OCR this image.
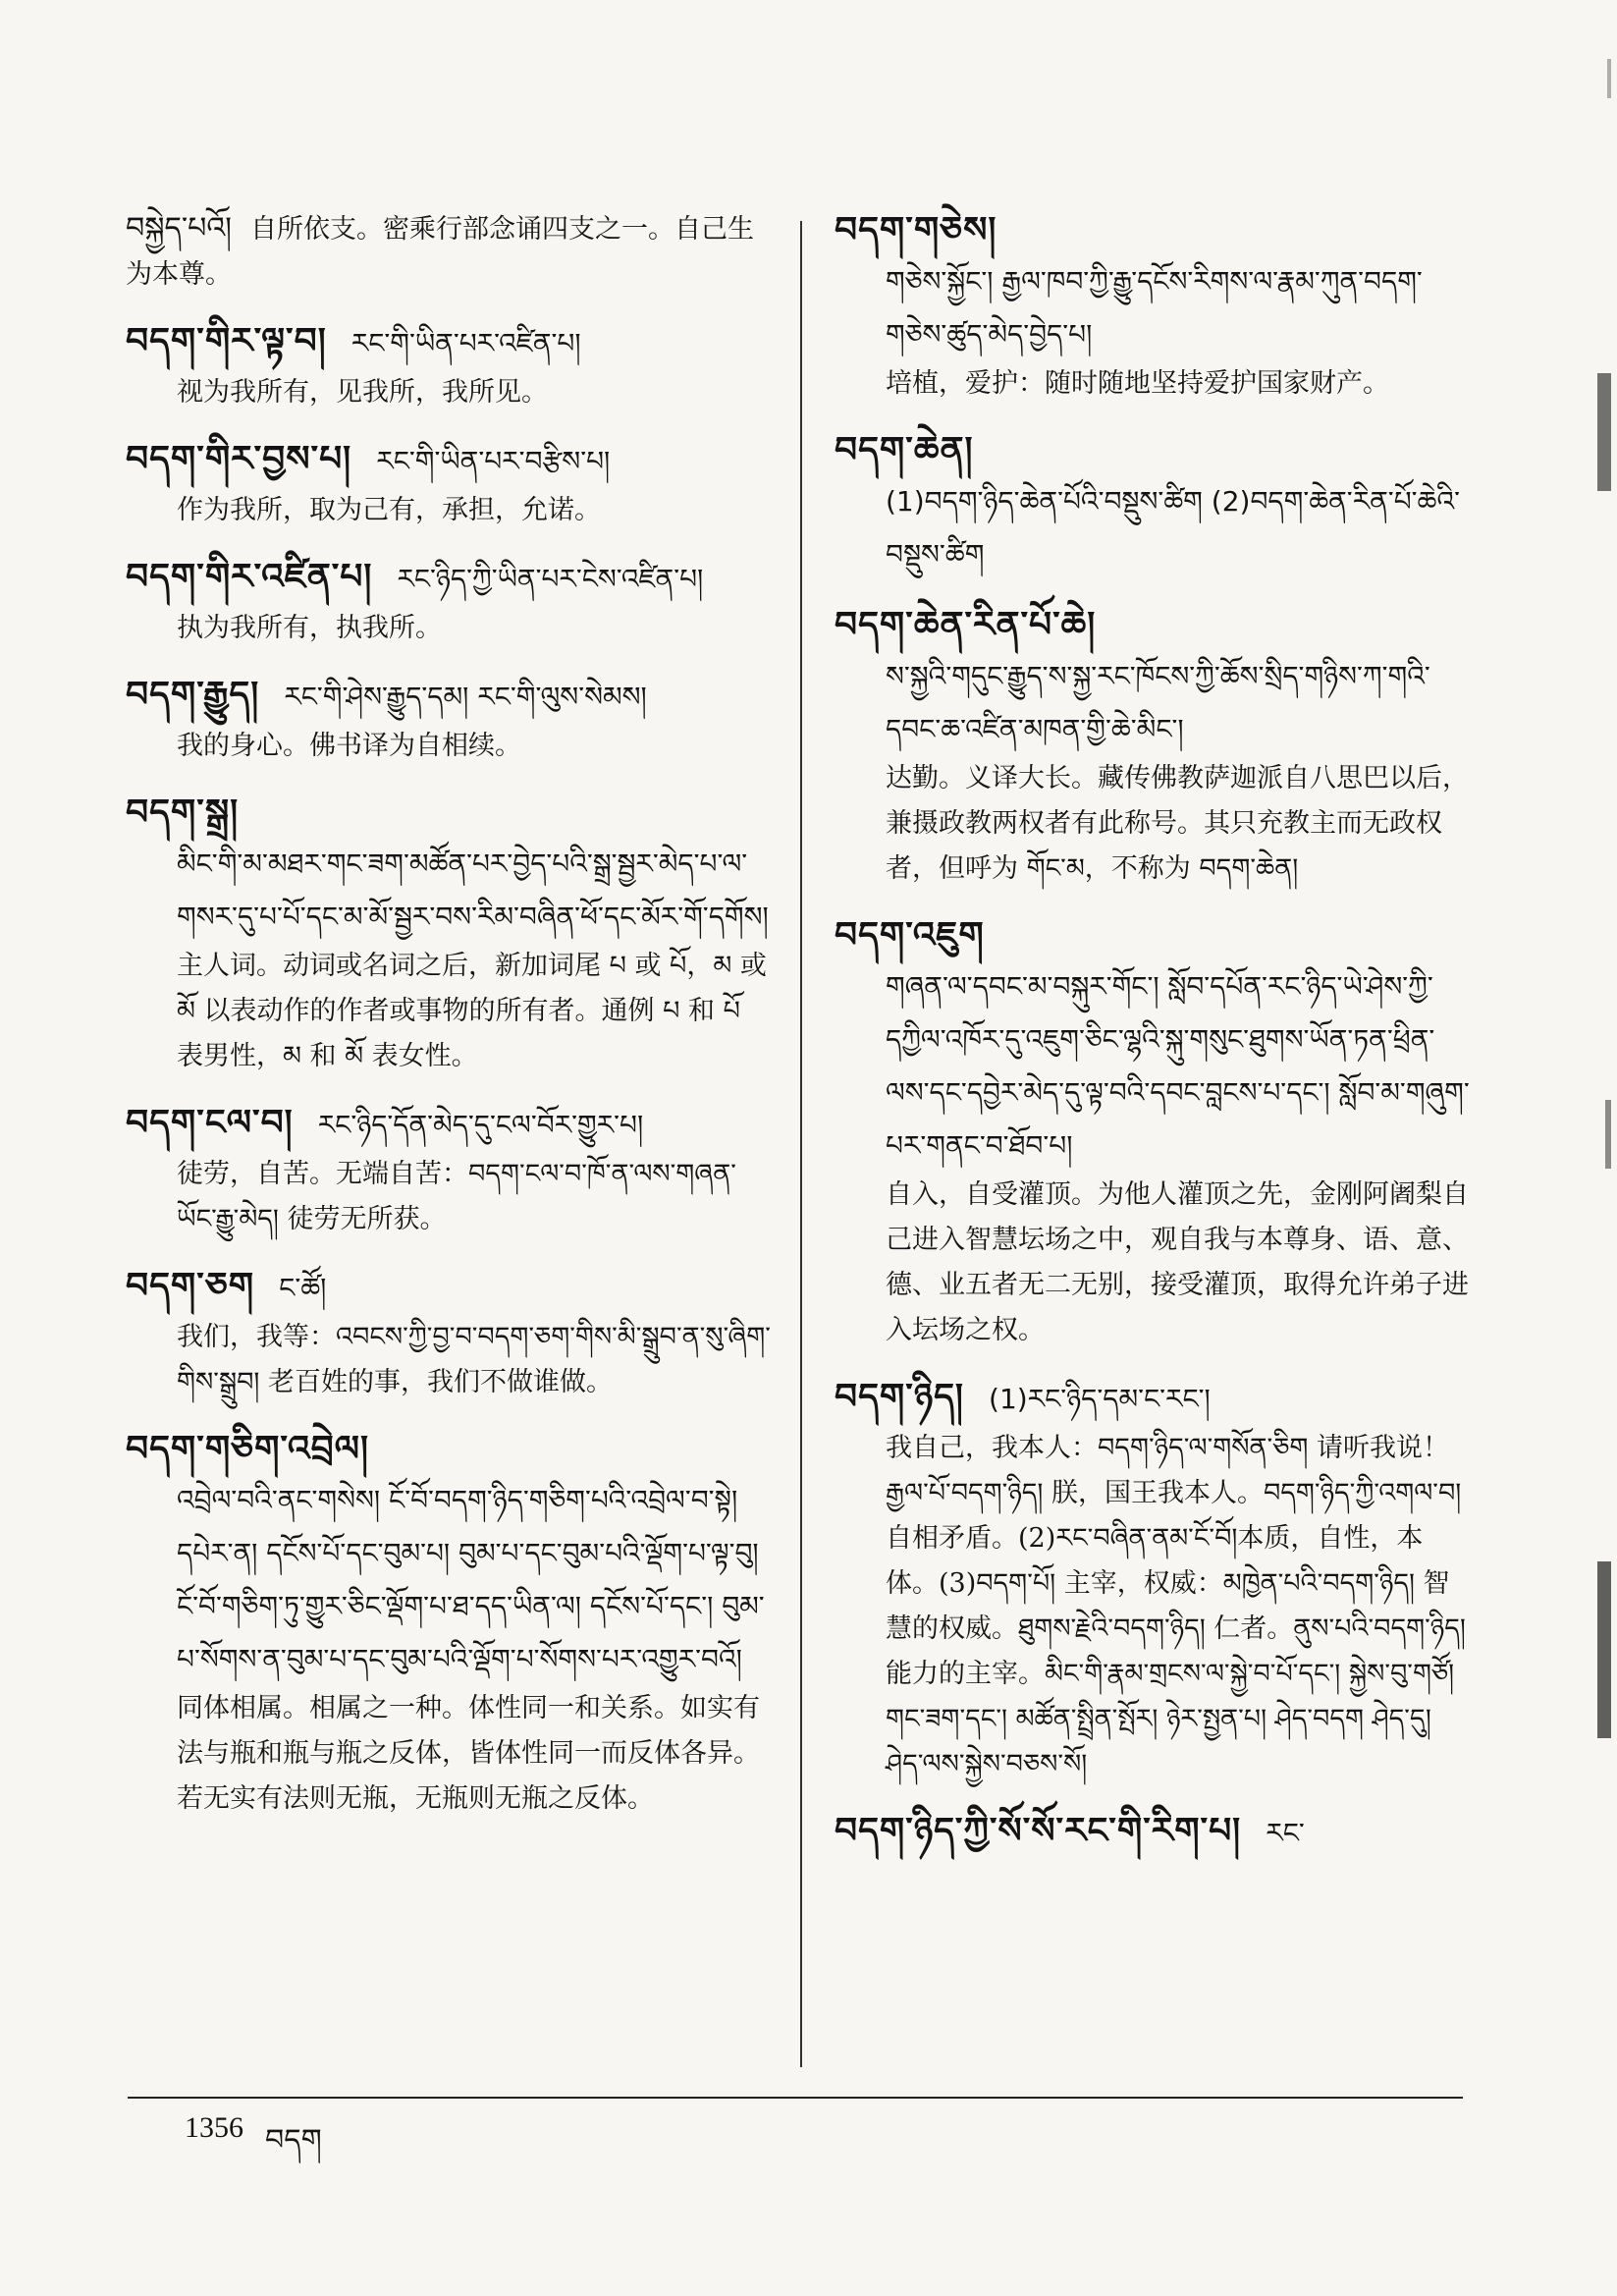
བསྐྱེད་པའོ། 自所依支。密乘行部念诵四支之一。自己生为本尊。
བདག་གིར་ལྟ་བ། རང་གི་ཡིན་པར་འཛིན་པ།
视为我所有，见我所，我所见。
བདག་གིར་བྱས་པ། རང་གི་ཡིན་པར་བརྩིས་པ།
作为我所，取为己有，承担，允诺。
བདག་གིར་འཛིན་པ། རང་ཉིད་ཀྱི་ཡིན་པར་ངེས་འཛིན་པ།
执为我所有，执我所。
བདག་རྒྱུད། རང་གི་ཤེས་རྒྱུད་དམ། རང་གི་ལུས་སེམས།
我的身心。佛书译为自相续。
བདག་སྒྲ།
མིང་གི་མ་མཐར་གང་ཟག་མཚོན་པར་བྱེད་པའི་སྒྲ་སྦྱར་མེད་པ་ལ་གསར་དུ་པ་པོ་དང་མ་མོ་སྦྱར་བས་རིམ་བཞིན་ཕོ་དང་མོར་གོ་དགོས།
主人词。动词或名词之后，新加词尾 པ 或 པོ，མ 或 མོ 以表动作的作者或事物的所有者。通例 པ 和 པོ 表男性，མ 和 མོ 表女性。
བདག་ངལ་བ། རང་ཉིད་དོན་མེད་དུ་ངལ་བོར་གྱུར་པ།
徒劳，自苦。无端自苦：བདག་ངལ་བ་ཁོ་ན་ལས་གཞན་ཡོང་རྒྱུ་མེད། 徒劳无所获。
བདག་ཅག ང་ཚོ།
我们，我等：འབངས་ཀྱི་བྱ་བ་བདག་ཅག་གིས་མི་སྒྲུབ་ན་སུ་ཞིག་གིས་སྒྲུབ། 老百姓的事，我们不做谁做。
བདག་གཅིག་འབྲེལ།
འབྲེལ་བའི་ནང་གསེས། ངོ་བོ་བདག་ཉིད་གཅིག་པའི་འབྲེལ་བ་སྟེ། དཔེར་ན། དངོས་པོ་དང་བུམ་པ། བུམ་པ་དང་བུམ་པའི་ལྡོག་པ་ལྟ་བུ། ངོ་བོ་གཅིག་ཏུ་གྱུར་ཅིང་ལྡོག་པ་ཐ་དད་ཡིན་ལ། དངོས་པོ་དང་། བུམ་པ་སོགས་ན་བུམ་པ་དང་བུམ་པའི་ལྡོག་པ་སོགས་པར་འགྱུར་བའོ།
同体相属。相属之一种。体性同一和关系。如实有法与瓶和瓶与瓶之反体，皆体性同一而反体各异。若无实有法则无瓶，无瓶则无瓶之反体。
བདག་གཅེས།
གཅེས་སྐྱོང་། རྒྱལ་ཁབ་ཀྱི་རྒྱུ་དངོས་རིགས་ལ་རྣམ་ཀུན་བདག་གཅེས་ཚུད་མེད་བྱེད་པ།
培植，爱护：随时随地坚持爱护国家财产。
བདག་ཆེན།
(1)བདག་ཉིད་ཆེན་པོའི་བསྡུས་ཚིག (2)བདག་ཆེན་རིན་པོ་ཆེའི་བསྡུས་ཚིག
བདག་ཆེན་རིན་པོ་ཆེ།
ས་སྐྱའི་གདུང་རྒྱུད་ས་སྐྱ་རང་ཁོངས་ཀྱི་ཆོས་སྲིད་གཉིས་ཀ་གའི་དབང་ཆ་འཛིན་མཁན་གྱི་ཆེ་མིང་།
达勤。义译大长。藏传佛教萨迦派自八思巴以后，兼摄政教两权者有此称号。其只充教主而无政权者，但呼为 གོང་མ，不称为 བདག་ཆེན།
བདག་འཇུག
གཞན་ལ་དབང་མ་བསྐུར་གོང་། སློབ་དཔོན་རང་ཉིད་ཡེ་ཤེས་ཀྱི་དཀྱིལ་འཁོར་དུ་འཇུག་ཅིང་ལྷའི་སྐུ་གསུང་ཐུགས་ཡོན་ཏན་ཕྲིན་ལས་དང་དབྱེར་མེད་དུ་ལྟ་བའི་དབང་བླངས་པ་དང་། སློབ་མ་གཞུག་པར་གནང་བ་ཐོབ་པ།
自入，自受灌顶。为他人灌顶之先，金刚阿阇梨自己进入智慧坛场之中，观自我与本尊身、语、意、德、业五者无二无别，接受灌顶，取得允许弟子进入坛场之权。
བདག་ཉིད། (1)རང་ཉིད་དམ་ང་རང་།
我自己，我本人：བདག་ཉིད་ལ་གསོན་ཅིག 请听我说！རྒྱལ་པོ་བདག་ཉིད། 朕，国王我本人。བདག་ཉིད་ཀྱི་འགལ་བ། 自相矛盾。(2)རང་བཞིན་ནམ་ངོ་བོ།本质，自性，本体。(3)བདག་པོ། 主宰，权威：མཁྱེན་པའི་བདག་ཉིད། 智慧的权威。ཐུགས་རྗེའི་བདག་ཉིད། 仁者。ནུས་པའི་བདག་ཉིད། 能力的主宰。མིང་གི་རྣམ་གྲངས་ལ་སྐྱེ་བ་པོ་དང་། སྐྱེས་བུ་གཙོ། གང་ཟག་དང་། མཚོན་སྤྲིན་སྤོར། ཉེར་སྤྱན་པ། ཤེད་བདག ཤེད་དུ། ཤེད་ལས་སྐྱེས་བཅས་སོ།
བདག་ཉིད་ཀྱི་སོ་སོ་རང་གི་རིག་པ། རང་
1356 བདག
